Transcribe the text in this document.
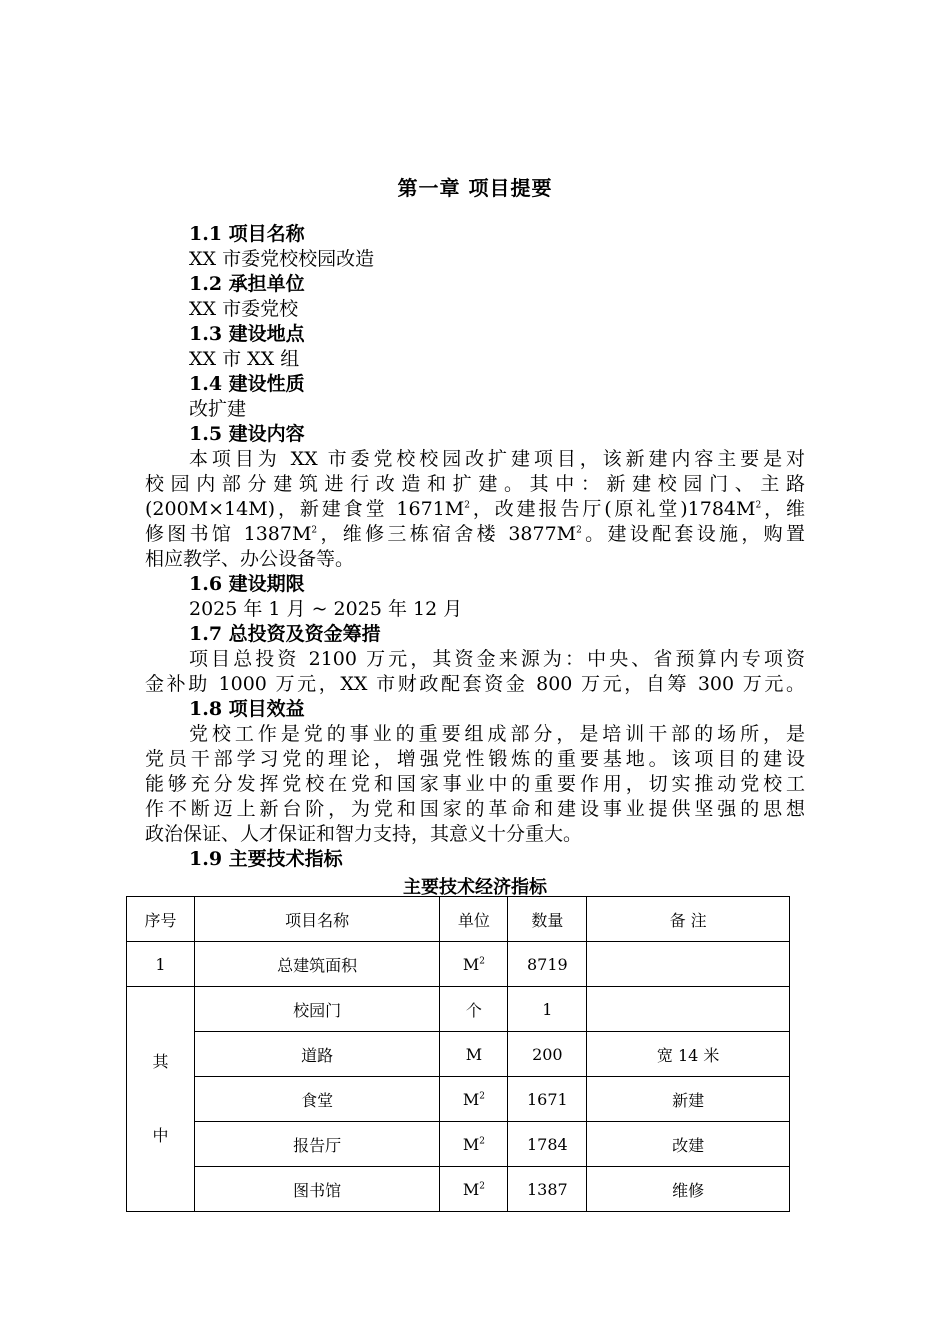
第一章 项目提要
1.1 项目名称
XX 市委党校校园改造
1.2 承担单位
XX 市委党校
1.3 建设地点
XX 市 XX 组
1.4 建设性质
改扩建
1.5 建设内容
本项目为 XX 市委党校校园改扩建项目，该新建内容主要是对
校园内部分建筑进行改造和扩建。其中：新建校园门、主路
(200M×14M)，新建食堂 $1671M^2$，改建报告厅(原礼堂)$1784M^2$，维
修图书馆 $1387M^2$，维修三栋宿舍楼 $3877M^2$。建设配套设施，购置
相应教学、办公设备等。
1.6 建设期限
2025 年 1 月 ~ 2025 年 12 月
1.7 总投资及资金筹措
项目总投资 2100 万元，其资金来源为：中央、省预算内专项资
金补助 1000 万元，XX 市财政配套资金 800 万元，自筹 300 万元。
1.8 项目效益
党校工作是党的事业的重要组成部分，是培训干部的场所，是
党员干部学习党的理论，增强党性锻炼的重要基地。该项目的建设
能够充分发挥党校在党和国家事业中的重要作用，切实推动党校工
作不断迈上新台阶，为党和国家的革命和建设事业提供坚强的思想
政治保证、人才保证和智力支持，其意义十分重大。
1.9 主要技术指标
主要技术经济指标
序号	项目名称	单位	数量	备 注
1	总建筑面积	$M^2$	8719	
其
中	校园门	个	1	
	道路	M	200	宽 14 米
	食堂	$M^2$	1671	新建
	报告厅	$M^2$	1784	改建
	图书馆	$M^2$	1387	维修
